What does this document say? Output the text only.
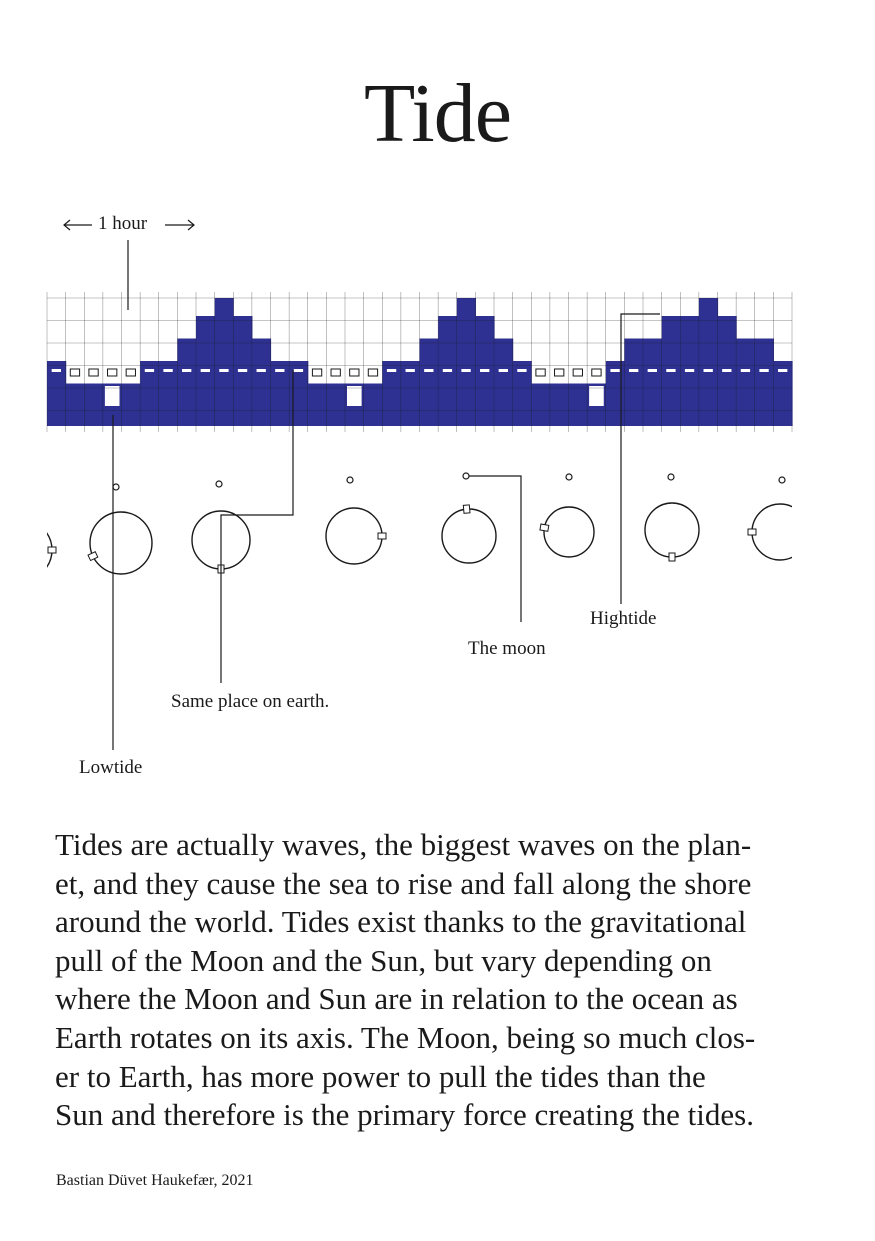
Tide
1 hour
Hightide
The moon
Same place on earth.
Lowtide

Tides are actually waves, the biggest waves on the plan-

et, and they cause the sea to rise and fall along the shore

around the world. Tides exist thanks to the gravitational

pull of the Moon and the Sun, but vary depending on

where the Moon and Sun are in relation to the ocean as

Earth rotates on its axis. The Moon, being so much clos-

er to Earth, has more power to pull the tides than the

Sun and therefore is the primary force creating the tides.

Bastian Düvet Haukefær, 2021
